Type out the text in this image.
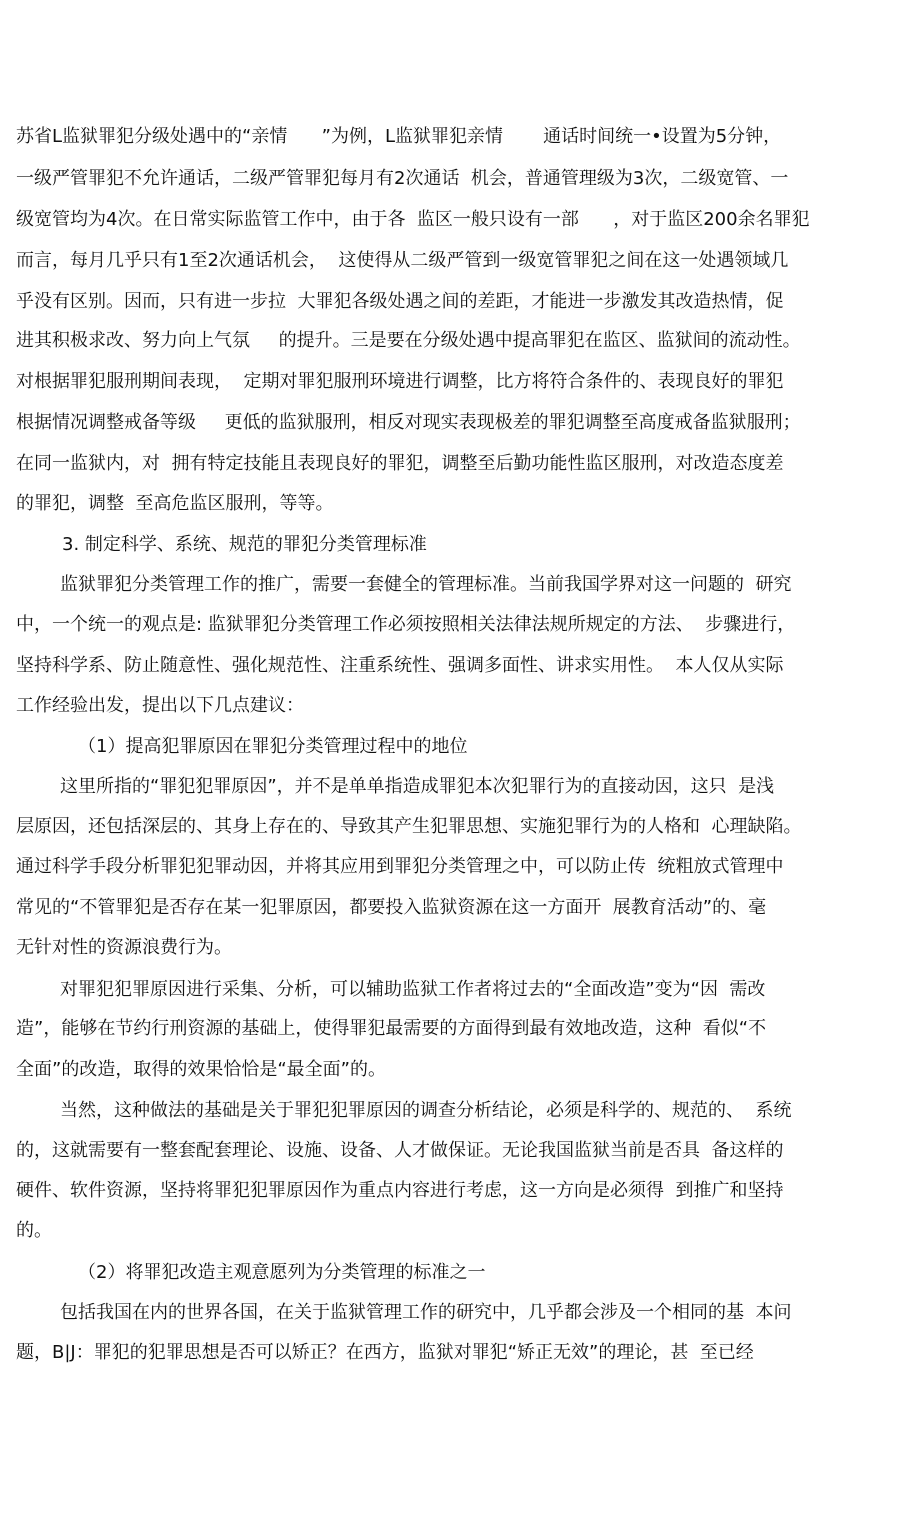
苏省L监狱罪犯分级处遇中的“亲情      ”为例，L监狱罪犯亲情       通话时间统一•设置为5分钟，
一级严管罪犯不允许通话，二级严管罪犯每月有2次通话  机会，普通管理级为3次，二级宽管、一
级宽管均为4次。在日常实际监管工作中，由于各  监区一般只设有一部      ，对于监区200余名罪犯
而言，每月几乎只有1至2次通话机会，  这使得从二级严管到一级宽管罪犯之间在这一处遇领域几
乎没有区别。因而，只有进一步拉  大罪犯各级处遇之间的差距，才能进一步激发其改造热情，促
进其积极求改、努力向上气氛     的提升。三是要在分级处遇中提高罪犯在监区、监狱间的流动性。
对根据罪犯服刑期间表现，  定期对罪犯服刑环境进行调整，比方将符合条件的、表现良好的罪犯
根据情况调整戒备等级     更低的监狱服刑，相反对现实表现极差的罪犯调整至高度戒备监狱服刑；
在同一监狱内，对  拥有特定技能且表现良好的罪犯，调整至后勤功能性监区服刑，对改造态度差
的罪犯，调整  至高危监区服刑，等等。
3. 制定科学、系统、规范的罪犯分类管理标准
监狱罪犯分类管理工作的推广，需要一套健全的管理标准。当前我国学界对这一问题的  研究
中，一个统一的观点是: 监狱罪犯分类管理工作必须按照相关法律法规所规定的方法、  步骤进行，
坚持科学系、防止随意性、强化规范性、注重系统性、强调多面性、讲求实用性。  本人仅从实际
工作经验出发，提出以下几点建议：
（1）提高犯罪原因在罪犯分类管理过程中的地位
这里所指的“罪犯犯罪原因”，并不是单单指造成罪犯本次犯罪行为的直接动因，这只  是浅
层原因，还包括深层的、其身上存在的、导致其产生犯罪思想、实施犯罪行为的人格和  心理缺陷。
通过科学手段分析罪犯犯罪动因，并将其应用到罪犯分类管理之中，可以防止传  统粗放式管理中
常见的“不管罪犯是否存在某一犯罪原因，都要投入监狱资源在这一方面开  展教育活动”的、毫
无针对性的资源浪费行为。
对罪犯犯罪原因进行采集、分析，可以辅助监狱工作者将过去的“全面改造”变为“因  需改
造”，能够在节约行刑资源的基础上，使得罪犯最需要的方面得到最有效地改造，这种  看似“不
全面”的改造，取得的效果恰恰是“最全面”的。
当然，这种做法的基础是关于罪犯犯罪原因的调查分析结论，必须是科学的、规范的、  系统
的，这就需要有一整套配套理论、设施、设备、人才做保证。无论我国监狱当前是否具  备这样的
硬件、软件资源，坚持将罪犯犯罪原因作为重点内容进行考虑，这一方向是必须得  到推广和坚持
的。
（2）将罪犯改造主观意愿列为分类管理的标准之一
包括我国在内的世界各国，在关于监狱管理工作的研究中，几乎都会涉及一个相同的基  本问
题，B|J：罪犯的犯罪思想是否可以矫正？在西方，监狱对罪犯“矫正无效”的理论，甚  至已经
